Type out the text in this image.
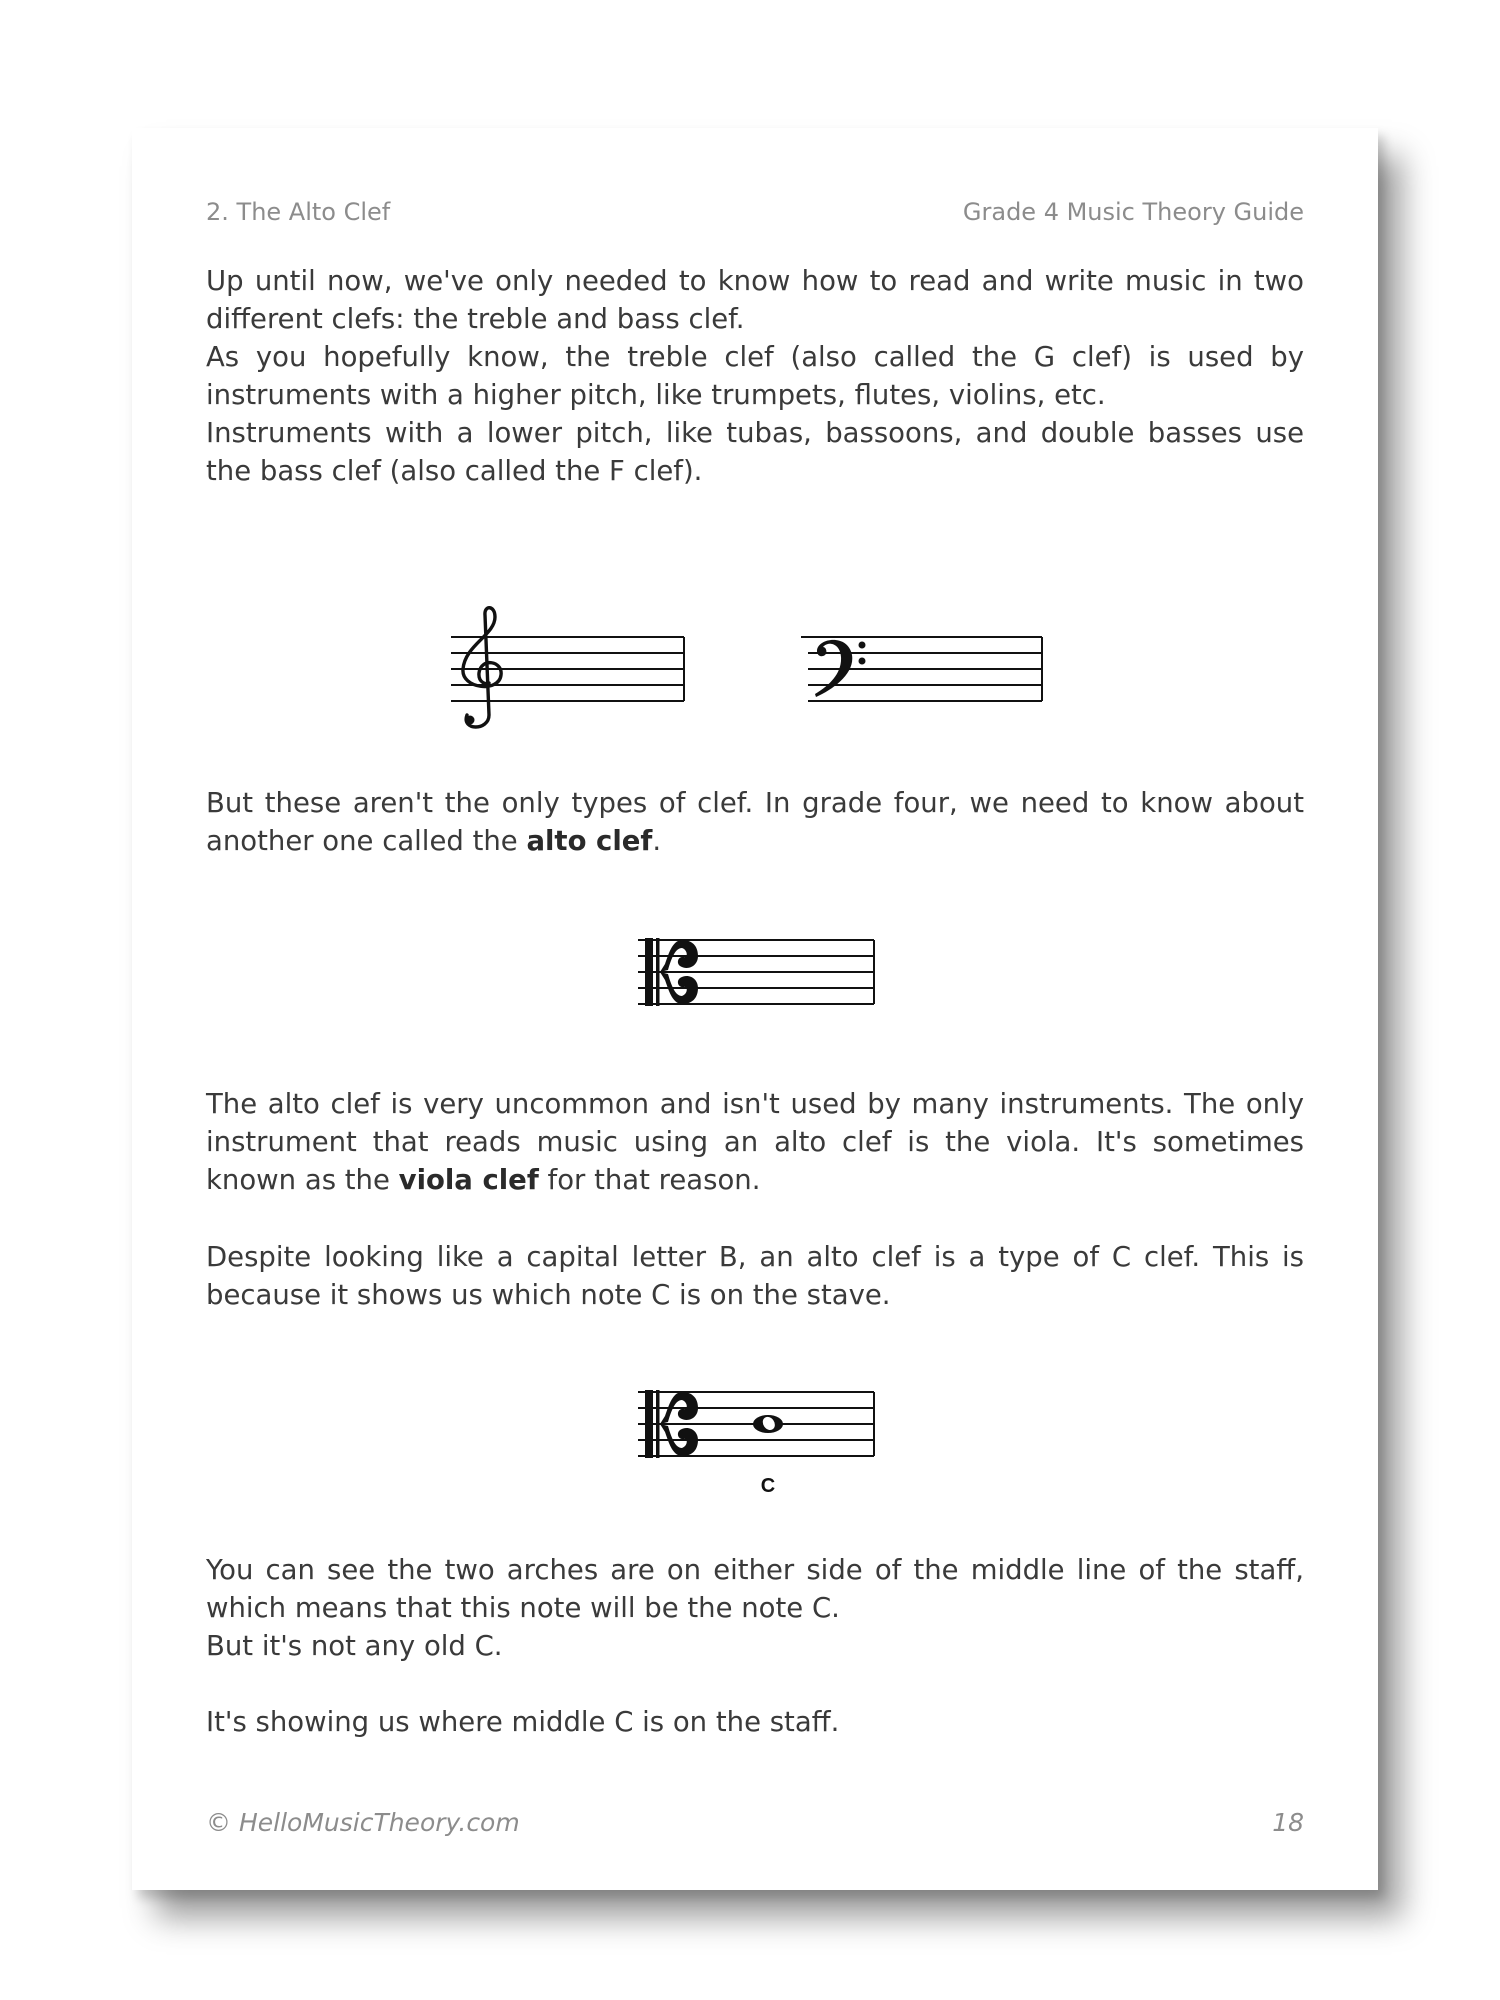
2. The Alto Clef	Grade 4 Music Theory Guide

Up until now, we've only needed to know how to read and write music in two different clefs: the treble and bass clef.

As you hopefully know, the treble clef (also called the G clef) is used by instruments with a higher pitch, like trumpets, flutes, violins, etc.

Instruments with a lower pitch, like tubas, bassoons, and double basses use the bass clef (also called the F clef).

But these aren't the only types of clef. In grade four, we need to know about another one called the alto clef.

The alto clef is very uncommon and isn't used by many instruments. The only instrument that reads music using an alto clef is the viola. It's sometimes known as the viola clef for that reason.

Despite looking like a capital letter B, an alto clef is a type of C clef. This is because it shows us which note C is on the stave.

C

You can see the two arches are on either side of the middle line of the staff, which means that this note will be the note C.

But it's not any old C.

It's showing us where middle C is on the staff.

© HelloMusicTheory.com	18
